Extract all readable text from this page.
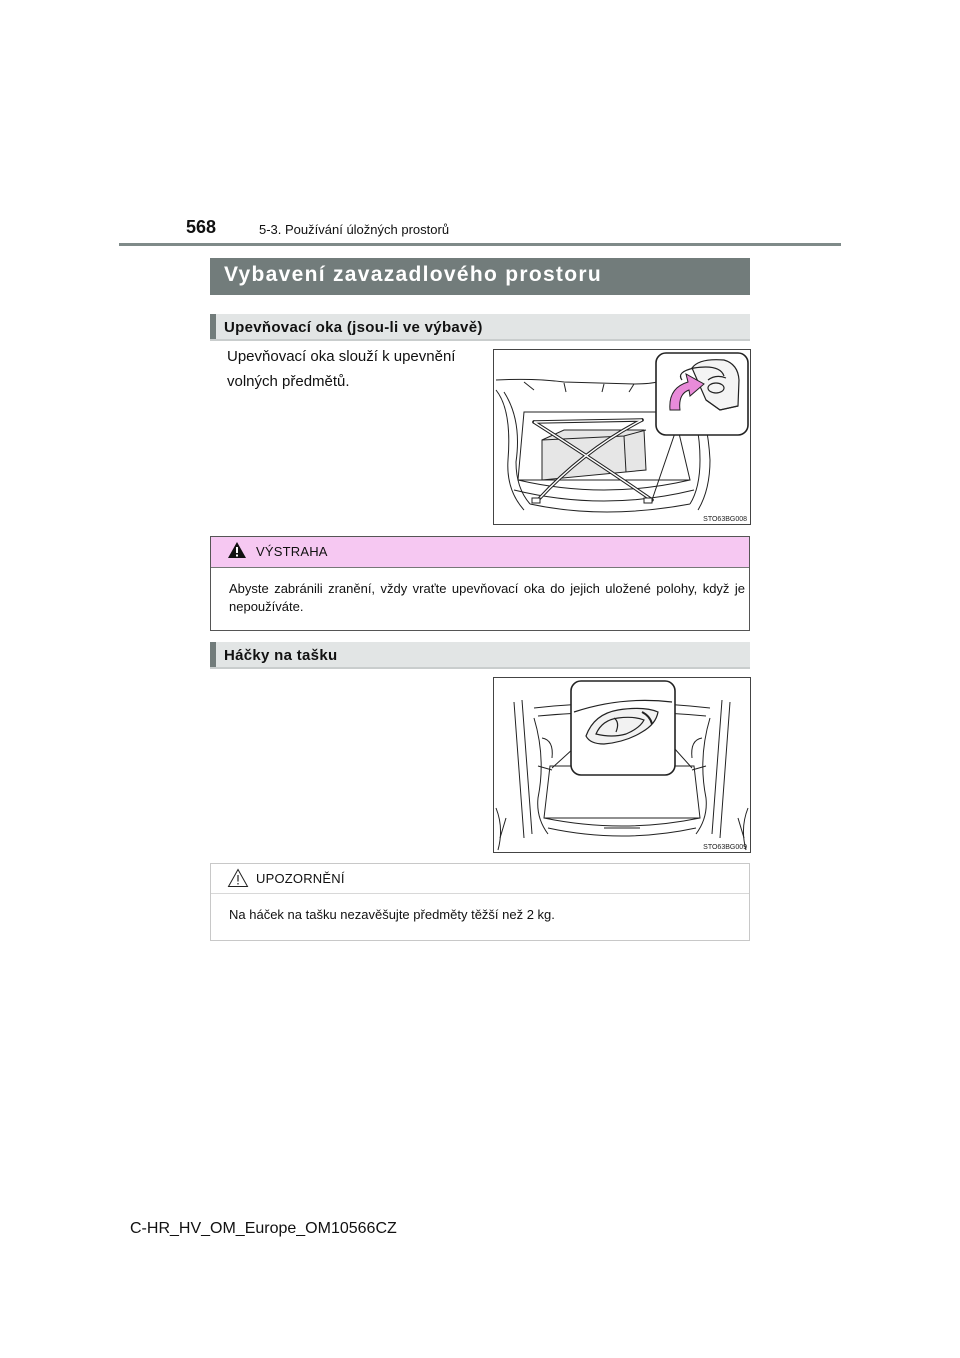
568	5-3. Používání úložných prostorů
Vybavení zavazadlového prostoru
Upevňovací oka (jsou-li ve výbavě)
Upevňovací oka slouží k upevnění
volných předmětů.
STO63BG008
VÝSTRAHA
Abyste zabránili zranění, vždy vraťte upevňovací oka do jejich uložené polohy, když je nepoužíváte.
Háčky na tašku
STO63BG009
UPOZORNĚNÍ
Na háček na tašku nezavěšujte předměty těžší než 2 kg.
C-HR_HV_OM_Europe_OM10566CZ
